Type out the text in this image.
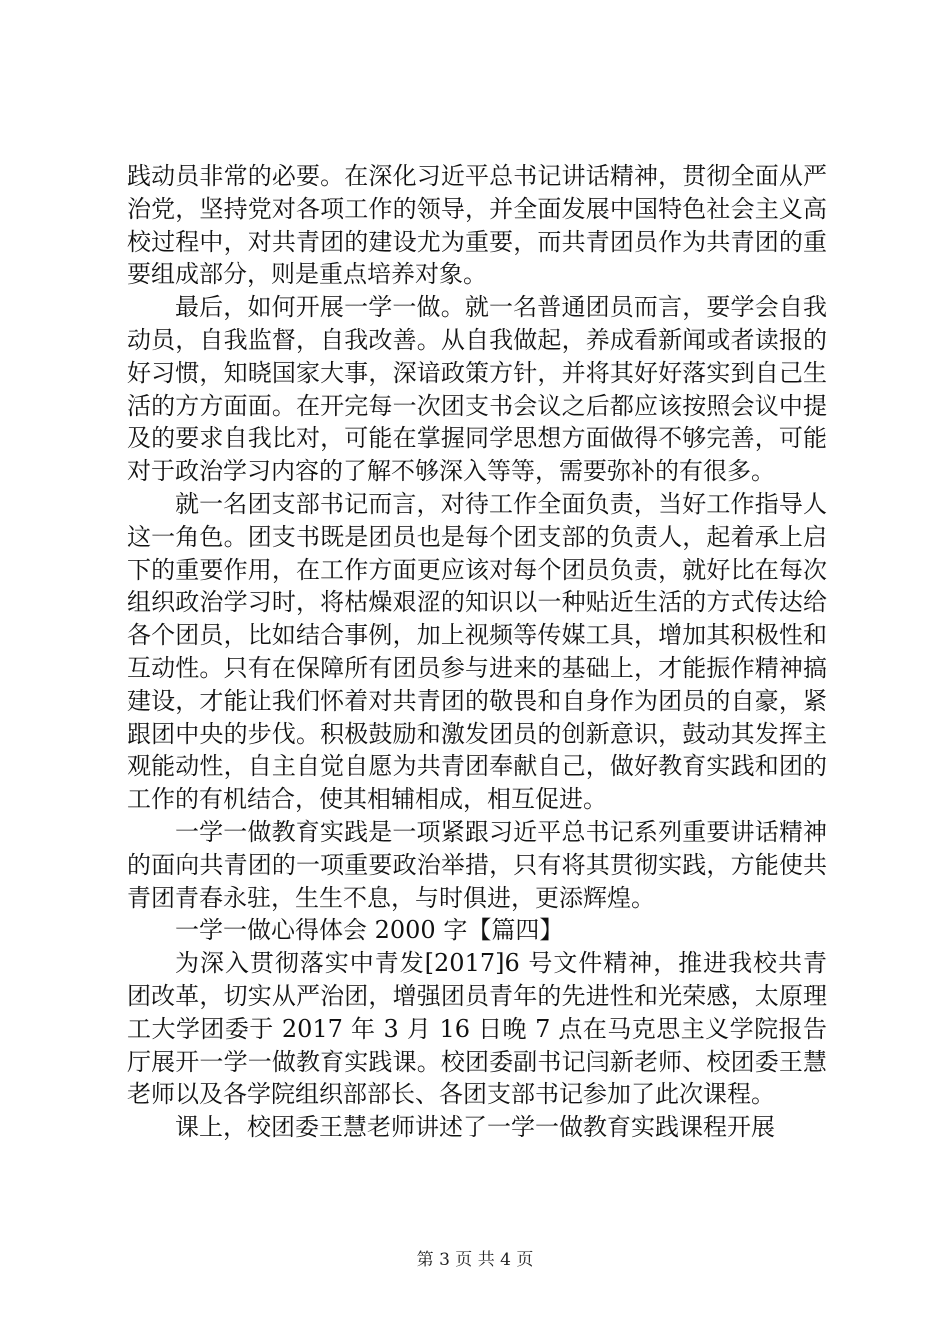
践动员非常的必要。在深化习近平总书记讲话精神，贯彻全面从严治党，坚持党对各项工作的领导，并全面发展中国特色社会主义高校过程中，对共青团的建设尤为重要，而共青团员作为共青团的重要组成部分，则是重点培养对象。

最后，如何开展一学一做。就一名普通团员而言，要学会自我动员，自我监督，自我改善。从自我做起，养成看新闻或者读报的好习惯，知晓国家大事，深谙政策方针，并将其好好落实到自己生活的方方面面。在开完每一次团支书会议之后都应该按照会议中提及的要求自我比对，可能在掌握同学思想方面做得不够完善，可能对于政治学习内容的了解不够深入等等，需要弥补的有很多。

就一名团支部书记而言，对待工作全面负责，当好工作指导人这一角色。团支书既是团员也是每个团支部的负责人，起着承上启下的重要作用，在工作方面更应该对每个团员负责，就好比在每次组织政治学习时，将枯燥艰涩的知识以一种贴近生活的方式传达给各个团员，比如结合事例，加上视频等传媒工具，增加其积极性和互动性。只有在保障所有团员参与进来的基础上，才能振作精神搞建设，才能让我们怀着对共青团的敬畏和自身作为团员的自豪，紧跟团中央的步伐。积极鼓励和激发团员的创新意识，鼓动其发挥主观能动性，自主自觉自愿为共青团奉献自己，做好教育实践和团的工作的有机结合，使其相辅相成，相互促进。

一学一做教育实践是一项紧跟习近平总书记系列重要讲话精神的面向共青团的一项重要政治举措，只有将其贯彻实践，方能使共青团青春永驻，生生不息，与时俱进，更添辉煌。

一学一做心得体会 2000 字【篇四】

为深入贯彻落实中青发[2017]6 号文件精神，推进我校共青团改革，切实从严治团，增强团员青年的先进性和光荣感，太原理工大学团委于 2017 年 3 月 16 日晚 7 点在马克思主义学院报告厅展开一学一做教育实践课。校团委副书记闫新老师、校团委王慧老师以及各学院组织部部长、各团支部书记参加了此次课程。

课上，校团委王慧老师讲述了一学一做教育实践课程开展

第 3 页 共 4 页
